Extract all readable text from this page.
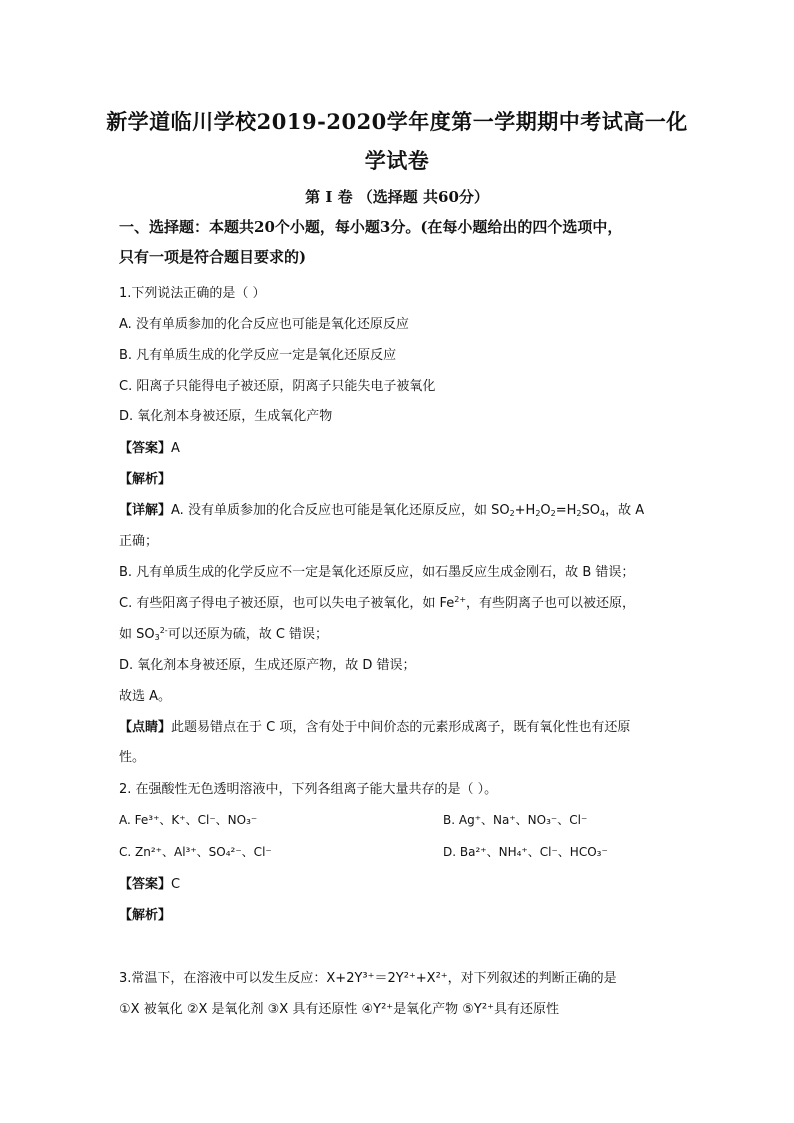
新学道临川学校2019-2020学年度第一学期期中考试高一化
学试卷
第 Ⅰ 卷 （选择题 共60分）
一、选择题：本题共20个小题，每小题3分。(在每小题给出的四个选项中，
只有一项是符合题目要求的)
1.下列说法正确的是（ ）
A. 没有单质参加的化合反应也可能是氧化还原反应
B. 凡有单质生成的化学反应一定是氧化还原反应
C. 阳离子只能得电子被还原，阴离子只能失电子被氧化
D. 氧化剂本身被还原，生成氧化产物
【答案】A
【解析】
【详解】A. 没有单质参加的化合反应也可能是氧化还原反应，如 $SO_2+H_2O_2=H_2SO_4$，故 A
正确；
B. 凡有单质生成的化学反应不一定是氧化还原反应，如石墨反应生成金刚石，故 B 错误；
C. 有些阳离子得电子被还原，也可以失电子被氧化，如 $Fe^{2+}$，有些阴离子也可以被还原，
如 $SO_3^{2-}$可以还原为硫，故 C 错误；
D. 氧化剂本身被还原，生成还原产物，故 D 错误；
故选 A。
【点睛】此题易错点在于 C 项，含有处于中间价态的元素形成离子，既有氧化性也有还原
性。
2. 在强酸性无色透明溶液中，下列各组离子能大量共存的是（ ）。
A. Fe³⁺、K⁺、Cl⁻、NO₃⁻	B. Ag⁺、Na⁺、NO₃⁻、Cl⁻
C. Zn²⁺、Al³⁺、SO₄²⁻、Cl⁻	D. Ba²⁺、NH₄⁺、Cl⁻、HCO₃⁻
【答案】C
【解析】
3.常温下，在溶液中可以发生反应：X+2Y³⁺＝2Y²⁺+X²⁺，对下列叙述的判断正确的是
①X 被氧化 ②X 是氧化剂 ③X 具有还原性 ④Y²⁺是氧化产物 ⑤Y²⁺具有还原性
